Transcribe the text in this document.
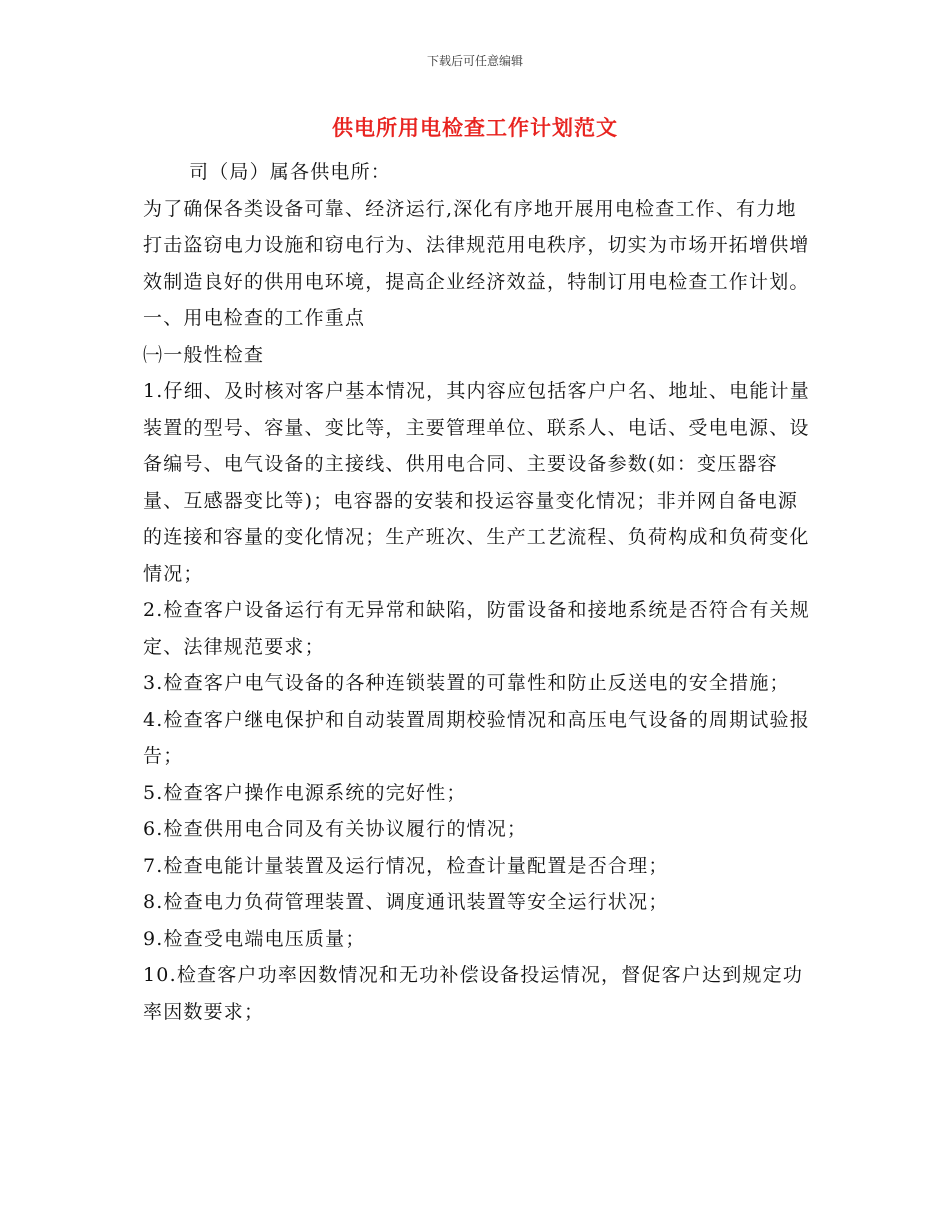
下载后可任意编辑
供电所用电检查工作计划范文

司（局）属各供电所：

为了确保各类设备可靠、经济运行,深化有序地开展用电检查工作、有力地打击盗窃电力设施和窃电行为、法律规范用电秩序，切实为市场开拓增供增效制造良好的供用电环境，提高企业经济效益，特制订用电检查工作计划。

一、用电检查的工作重点

㈠一般性检查

1.仔细、及时核对客户基本情况，其内容应包括客户户名、地址、电能计量装置的型号、容量、变比等，主要管理单位、联系人、电话、受电电源、设备编号、电气设备的主接线、供用电合同、主要设备参数(如：变压器容量、互感器变比等)；电容器的安装和投运容量变化情况；非并网自备电源的连接和容量的变化情况；生产班次、生产工艺流程、负荷构成和负荷变化情况；

2.检查客户设备运行有无异常和缺陷，防雷设备和接地系统是否符合有关规定、法律规范要求；

3.检查客户电气设备的各种连锁装置的可靠性和防止反送电的安全措施；

4.检查客户继电保护和自动装置周期校验情况和高压电气设备的周期试验报告；

5.检查客户操作电源系统的完好性；

6.检查供用电合同及有关协议履行的情况；

7.检查电能计量装置及运行情况，检查计量配置是否合理；

8.检查电力负荷管理装置、调度通讯装置等安全运行状况；

9.检查受电端电压质量；

10.检查客户功率因数情况和无功补偿设备投运情况，督促客户达到规定功率因数要求；
